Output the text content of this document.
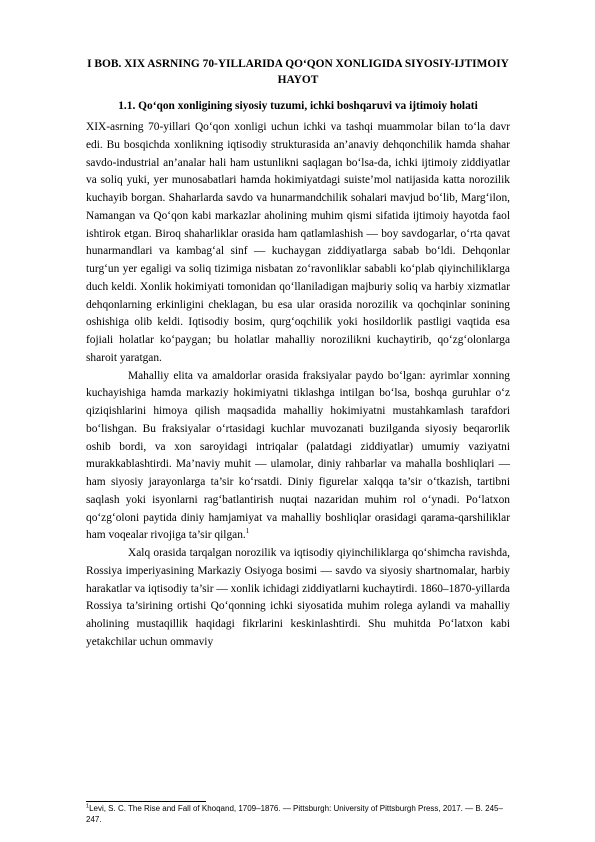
I BOB. XIX ASRNING 70-YILLARIDA QO‘QON XONLIGIDA SIYOSIY-IJTIMOIY HAYOT
1.1. Qo‘qon xonligining siyosiy tuzumi, ichki boshqaruvi va ijtimoiy holati

XIX-asrning 70-yillari Qo‘qon xonligi uchun ichki va tashqi muammolar bilan to‘la davr edi. Bu bosqichda xonlikning iqtisodiy strukturasida an’anaviy dehqonchilik hamda shahar savdo-industrial an’analar hali ham ustunlikni saqlagan bo‘lsa-da, ichki ijtimoiy ziddiyatlar va soliq yuki, yer munosabatlari hamda hokimiyatdagi suiste’mol natijasida katta norozilik kuchayib borgan. Shaharlarda savdo va hunarmandchilik sohalari mavjud bo‘lib, Marg‘ilon, Namangan va Qo‘qon kabi markazlar aholining muhim qismi sifatida ijtimoiy hayotda faol ishtirok etgan. Biroq shaharliklar orasida ham qatlamlashish — boy savdogarlar, o‘rta qavat hunarmandlari va kambag‘al sinf — kuchaygan ziddiyatlarga sabab bo‘ldi. Dehqonlar turg‘un yer egaligi va soliq tizimiga nisbatan zo‘ravonliklar sababli ko‘plab qiyinchiliklarga duch keldi. Xonlik hokimiyati tomonidan qo‘llaniladigan majburiy soliq va harbiy xizmatlar dehqonlarning erkinligini cheklagan, bu esa ular orasida norozilik va qochqinlar sonining oshishiga olib keldi. Iqtisodiy bosim, qurg‘oqchilik yoki hosildorlik pastligi vaqtida esa fojiali holatlar ko‘paygan; bu holatlar mahalliy norozilikni kuchaytirib, qo‘zg‘olonlarga sharoit yaratgan.

Mahalliy elita va amaldorlar orasida fraksiyalar paydo bo‘lgan: ayrimlar xonning kuchayishiga hamda markaziy hokimiyatni tiklashga intilgan bo‘lsa, boshqa guruhlar o‘z qiziqishlarini himoya qilish maqsadida mahalliy hokimiyatni mustahkamlash tarafdori bo‘lishgan. Bu fraksiyalar o‘rtasidagi kuchlar muvozanati buzilganda siyosiy beqarorlik oshib bordi, va xon saroyidagi intriqalar (palatdagi ziddiyatlar) umumiy vaziyatni murakkablashtirdi. Ma’naviy muhit — ulamolar, diniy rahbarlar va mahalla boshliqlari — ham siyosiy jarayonlarga ta’sir ko‘rsatdi. Diniy figurelar xalqqa ta’sir o‘tkazish, tartibni saqlash yoki isyonlarni rag‘batlantirish nuqtai nazaridan muhim rol o‘ynadi. Po‘latxon qo‘zg‘oloni paytida diniy hamjamiyat va mahalliy boshliqlar orasidagi qarama-qarshiliklar ham voqealar rivojiga ta’sir qilgan.$^1$

Xalq orasida tarqalgan norozilik va iqtisodiy qiyinchiliklarga qo‘shimcha ravishda, Rossiya imperiyasining Markaziy Osiyoga bosimi — savdo va siyosiy shartnomalar, harbiy harakatlar va iqtisodiy ta’sir — xonlik ichidagi ziddiyatlarni kuchaytirdi. 1860–1870-yillarda Rossiya ta’sirining ortishi Qo‘qonning ichki siyosatida muhim rolega aylandi va mahalliy aholining mustaqillik haqidagi fikrlarini keskinlashtirdi. Shu muhitda Po‘latxon kabi yetakchilar uchun ommaviy

$^1$Levi, S. C. The Rise and Fall of Khoqand, 1709–1876. — Pittsburgh: University of Pittsburgh Press, 2017. — B. 245–247.
